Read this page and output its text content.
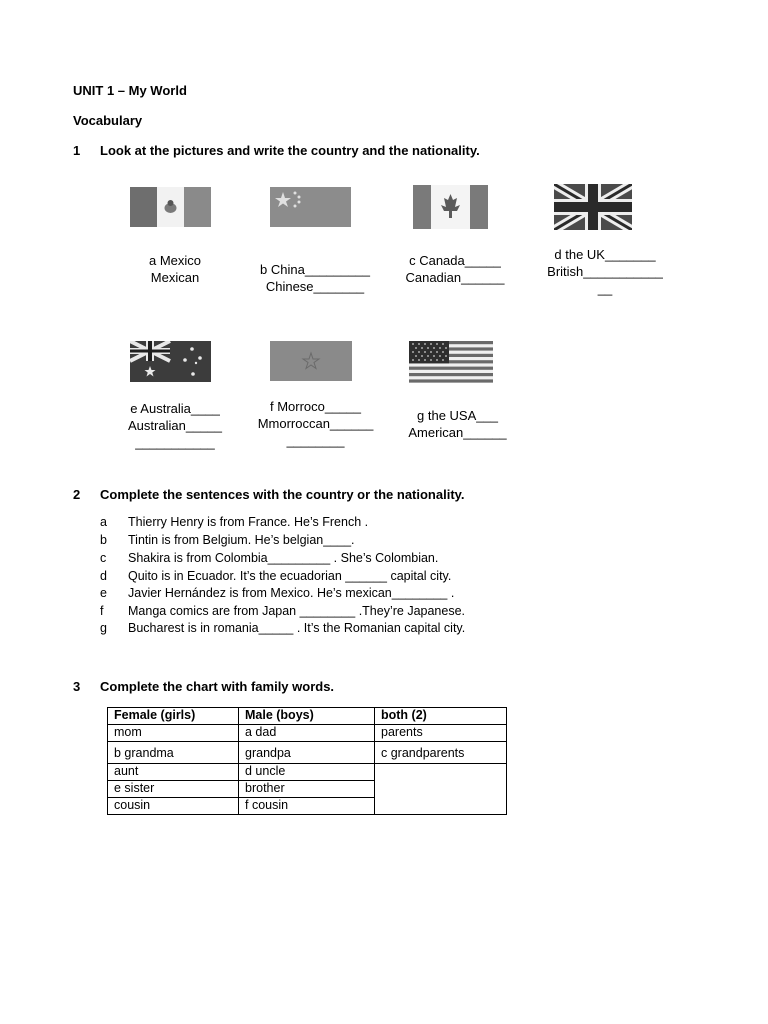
UNIT 1 – My World
Vocabulary
1 Look at the pictures and write the country and the nationality.
a Mexico
Mexican
b China_________
Chinese_______
c Canada_____
Canadian______
d the UK_______
British___________
__
e Australia____
Australian_____
___________
f Morroco_____
Mmorroccan______
________
g the USA___
American______
2 Complete the sentences with the country or the nationality.
a Thierry Henry is from France. He’s French .
b Tintin is from Belgium. He’s belgian____.
c Shakira is from Colombia_________ . She’s Colombian.
d Quito is in Ecuador. It’s the ecuadorian ______ capital city.
e Javier Hernández is from Mexico. He’s mexican________ .
f Manga comics are from Japan ________ .They’re Japanese.
g Bucharest is in romania_____ . It’s the Romanian capital city.
3 Complete the chart with family words.
Female (girls)	Male (boys)	both (2)
mom	a dad	parents
b grandma	grandpa	c grandparents
aunt	d uncle	
e sister	brother	
cousin	f cousin	
